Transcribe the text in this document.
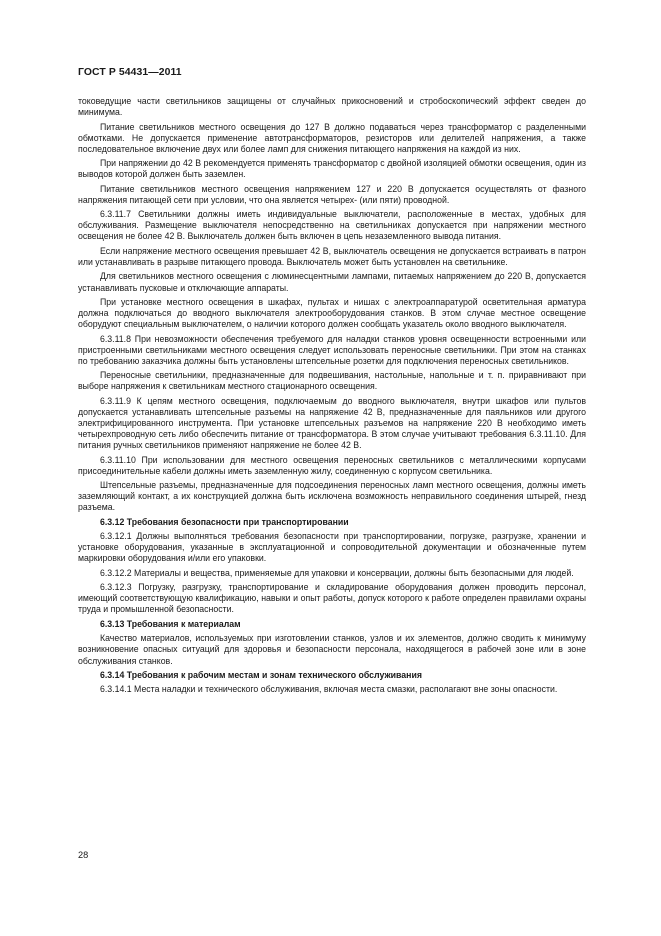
ГОСТ Р 54431—2011

токоведущие части светильников защищены от случайных прикосновений и стробоскопический эффект сведен до минимума.

Питание светильников местного освещения до 127 В должно подаваться через трансформатор с разделенными обмотками. Не допускается применение автотрансформаторов, резисторов или делителей напряжения, а также последовательное включение двух или более ламп для снижения питающего напряжения на каждой из них.

При напряжении до 42 В рекомендуется применять трансформатор с двойной изоляцией обмотки освещения, один из выводов которой должен быть заземлен.

Питание светильников местного освещения напряжением 127 и 220 В допускается осуществлять от фазного напряжения питающей сети при условии, что она является четырех- (или пяти) проводной.

6.3.11.7 Светильники должны иметь индивидуальные выключатели, расположенные в местах, удобных для обслуживания. Размещение выключателя непосредственно на светильниках допускается при напряжении местного освещения не более 42 В. Выключатель должен быть включен в цепь незаземленного вывода питания.

Если напряжение местного освещения превышает 42 В, выключатель освещения не допускается встраивать в патрон или устанавливать в разрыве питающего провода. Выключатель может быть установлен на светильнике.

Для светильников местного освещения с люминесцентными лампами, питаемых напряжением до 220 В, допускается устанавливать пусковые и отключающие аппараты.

При установке местного освещения в шкафах, пультах и нишах с электроаппаратурой осветительная арматура должна подключаться до вводного выключателя электрооборудования станков. В этом случае местное освещение оборудуют специальным выключателем, о наличии которого должен сообщать указатель около вводного выключателя.

6.3.11.8 При невозможности обеспечения требуемого для наладки станков уровня освещенности встроенными или пристроенными светильниками местного освещения следует использовать переносные светильники. При этом на станках по требованию заказчика должны быть установлены штепсельные розетки для подключения переносных светильников.

Переносные светильники, предназначенные для подвешивания, настольные, напольные и т. п. приравнивают при выборе напряжения к светильникам местного стационарного освещения.

6.3.11.9 К цепям местного освещения, подключаемым до вводного выключателя, внутри шкафов или пультов допускается устанавливать штепсельные разъемы на напряжение 42 В, предназначенные для паяльников или другого электрифицированного инструмента. При установке штепсельных разъемов на напряжение 220 В необходимо иметь четырехпроводную сеть либо обеспечить питание от трансформатора. В этом случае учитывают требования 6.3.11.10. Для питания ручных светильников применяют напряжение не более 42 В.

6.3.11.10 При использовании для местного освещения переносных светильников с металлическими корпусами присоединительные кабели должны иметь заземленную жилу, соединенную с корпусом светильника.

Штепсельные разъемы, предназначенные для подсоединения переносных ламп местного освещения, должны иметь заземляющий контакт, а их конструкцией должна быть исключена возможность неправильного соединения штырей, гнезд разъема.

6.3.12 Требования безопасности при транспортировании

6.3.12.1 Должны выполняться требования безопасности при транспортировании, погрузке, разгрузке, хранении и установке оборудования, указанные в эксплуатационной и сопроводительной документации и обозначенные путем маркировки оборудования и/или его упаковки.

6.3.12.2 Материалы и вещества, применяемые для упаковки и консервации, должны быть безопасными для людей.

6.3.12.3 Погрузку, разгрузку, транспортирование и складирование оборудования должен проводить персонал, имеющий соответствующую квалификацию, навыки и опыт работы, допуск которого к работе определен правилами охраны труда и промышленной безопасности.

6.3.13 Требования к материалам

Качество материалов, используемых при изготовлении станков, узлов и их элементов, должно сводить к минимуму возникновение опасных ситуаций для здоровья и безопасности персонала, находящегося в рабочей зоне или в зоне обслуживания станков.

6.3.14 Требования к рабочим местам и зонам технического обслуживания

6.3.14.1 Места наладки и технического обслуживания, включая места смазки, располагают вне зоны опасности.

28
